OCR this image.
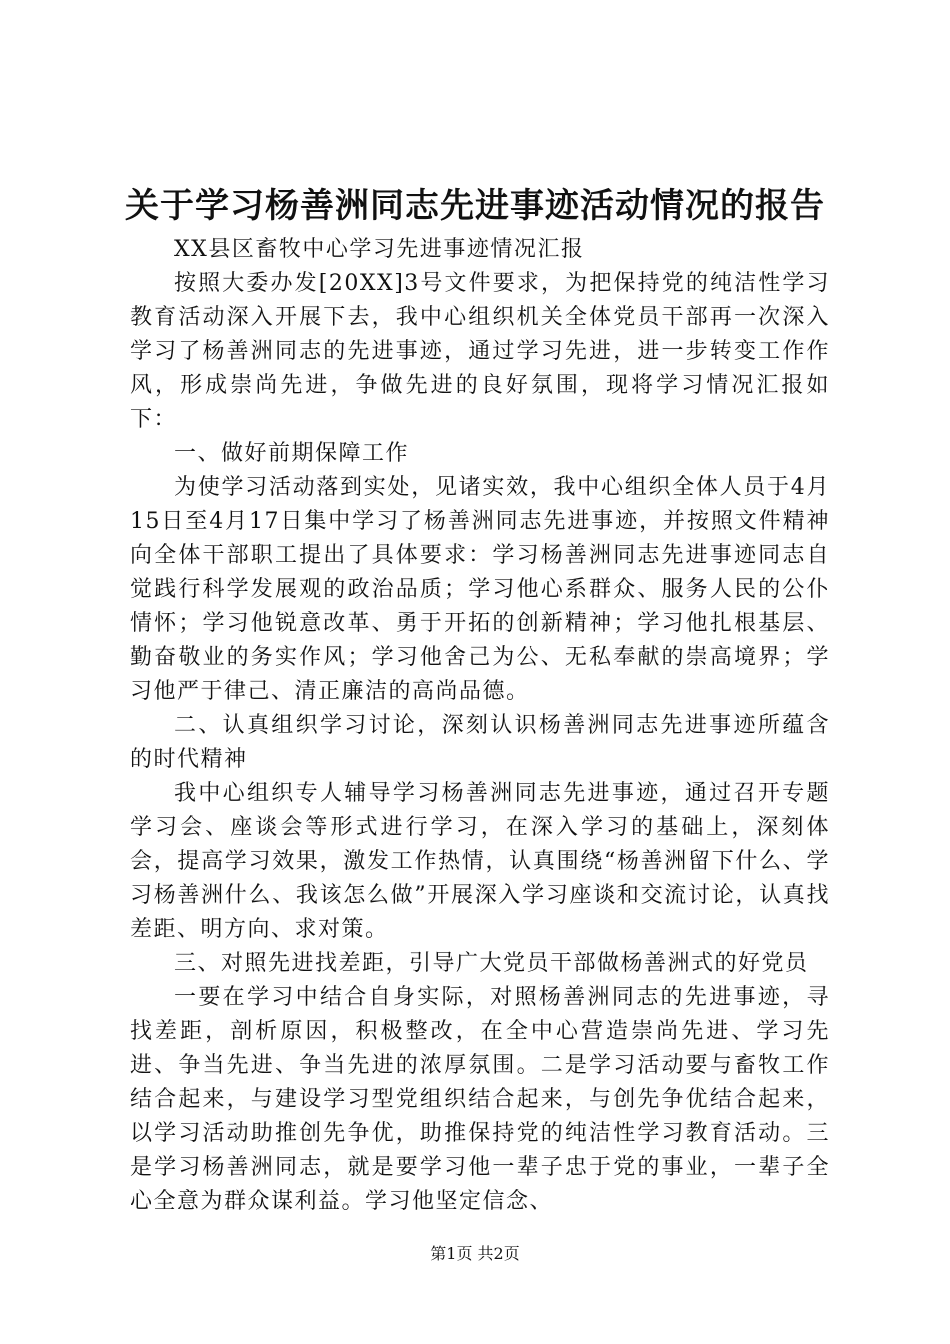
关于学习杨善洲同志先进事迹活动情况的报告

XX县区畜牧中心学习先进事迹情况汇报

按照大委办发[20XX]3号文件要求，为把保持党的纯洁性学习教育活动深入开展下去，我中心组织机关全体党员干部再一次深入学习了杨善洲同志的先进事迹，通过学习先进，进一步转变工作作风，形成崇尚先进，争做先进的良好氛围，现将学习情况汇报如下：

一、做好前期保障工作

为使学习活动落到实处，见诸实效，我中心组织全体人员于4月15日至4月17日集中学习了杨善洲同志先进事迹，并按照文件精神向全体干部职工提出了具体要求：学习杨善洲同志先进事迹同志自觉践行科学发展观的政治品质；学习他心系群众、服务人民的公仆情怀；学习他锐意改革、勇于开拓的创新精神；学习他扎根基层、勤奋敬业的务实作风；学习他舍己为公、无私奉献的崇高境界；学习他严于律己、清正廉洁的高尚品德。

二、认真组织学习讨论，深刻认识杨善洲同志先进事迹所蕴含的时代精神

我中心组织专人辅导学习杨善洲同志先进事迹，通过召开专题学习会、座谈会等形式进行学习，在深入学习的基础上，深刻体会，提高学习效果，激发工作热情，认真围绕“杨善洲留下什么、学习杨善洲什么、我该怎么做”开展深入学习座谈和交流讨论，认真找差距、明方向、求对策。

三、对照先进找差距，引导广大党员干部做杨善洲式的好党员

一要在学习中结合自身实际，对照杨善洲同志的先进事迹，寻找差距，剖析原因，积极整改，在全中心营造崇尚先进、学习先进、争当先进、争当先进的浓厚氛围。二是学习活动要与畜牧工作结合起来，与建设学习型党组织结合起来，与创先争优结合起来，以学习活动助推创先争优，助推保持党的纯洁性学习教育活动。三是学习杨善洲同志，就是要学习他一辈子忠于党的事业，一辈子全心全意为群众谋利益。学习他坚定信念、

第1页 共2页
